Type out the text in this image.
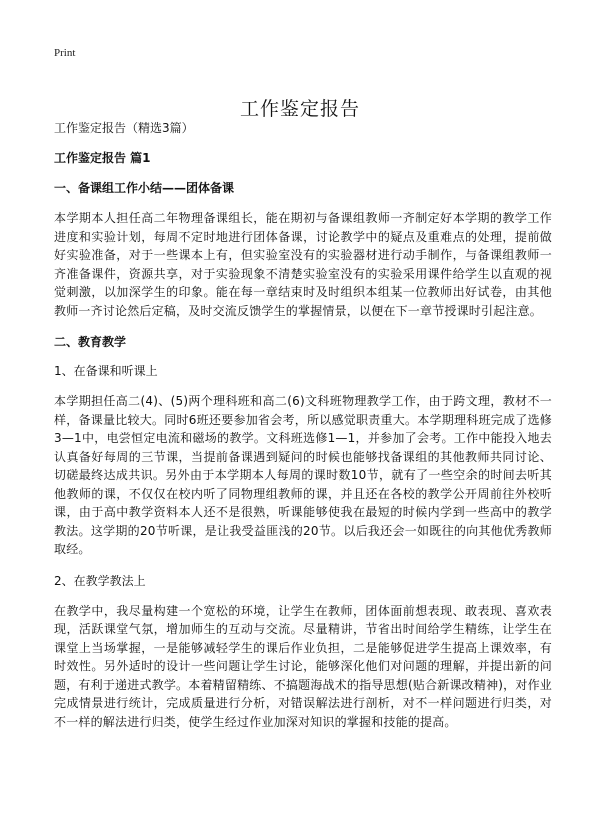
Print
工作鉴定报告
工作鉴定报告（精选3篇）
工作鉴定报告 篇1
一、备课组工作小结——团体备课

本学期本人担任高二年物理备课组长，能在期初与备课组教师一齐制定好本学期的教学工作进度和实验计划，每周不定时地进行团体备课，讨论教学中的疑点及重难点的处理，提前做好实验准备，对于一些课本上有，但实验室没有的实验器材进行动手制作，与备课组教师一齐准备课件，资源共享，对于实验现象不清楚实验室没有的实验采用课件给学生以直观的视觉刺激，以加深学生的印象。能在每一章结束时及时组织本组某一位教师出好试卷，由其他教师一齐讨论然后定稿，及时交流反馈学生的掌握情景，以便在下一章节授课时引起注意。

二、教育教学
1、在备课和听课上

本学期担任高二(4)、(5)两个理科班和高二(6)文科班物理教学工作，由于跨文理，教材不一样，备课量比较大。同时6班还要参加省会考，所以感觉职责重大。本学期理科班完成了选修3—1中，电尝恒定电流和磁场的教学。文科班选修1—1，并参加了会考。工作中能投入地去认真备好每周的三节课，当提前备课遇到疑问的时候也能够找备课组的其他教师共同讨论、切磋最终达成共识。另外由于本学期本人每周的课时数10节，就有了一些空余的时间去听其他教师的课，不仅仅在校内听了同物理组教师的课，并且还在各校的教学公开周前往外校听课，由于高中教学资料本人还不是很熟，听课能够使我在最短的时候内学到一些高中的教学教法。这学期的20节听课，是让我受益匪浅的20节。以后我还会一如既往的向其他优秀教师取经。

2、在教学教法上

在教学中，我尽量构建一个宽松的环境，让学生在教师，团体面前想表现、敢表现、喜欢表现，活跃课堂气氛，增加师生的互动与交流。尽量精讲，节省出时间给学生精练，让学生在课堂上当场掌握，一是能够减轻学生的课后作业负担，二是能够促进学生提高上课效率，有时效性。另外适时的设计一些问题让学生讨论，能够深化他们对问题的理解，并提出新的问题，有利于递进式教学。本着精留精练、不搞题海战术的指导思想(贴合新课改精神)，对作业完成情景进行统计，完成质量进行分析，对错误解法进行剖析，对不一样问题进行归类，对不一样的解法进行归类，使学生经过作业加深对知识的掌握和技能的提高。
